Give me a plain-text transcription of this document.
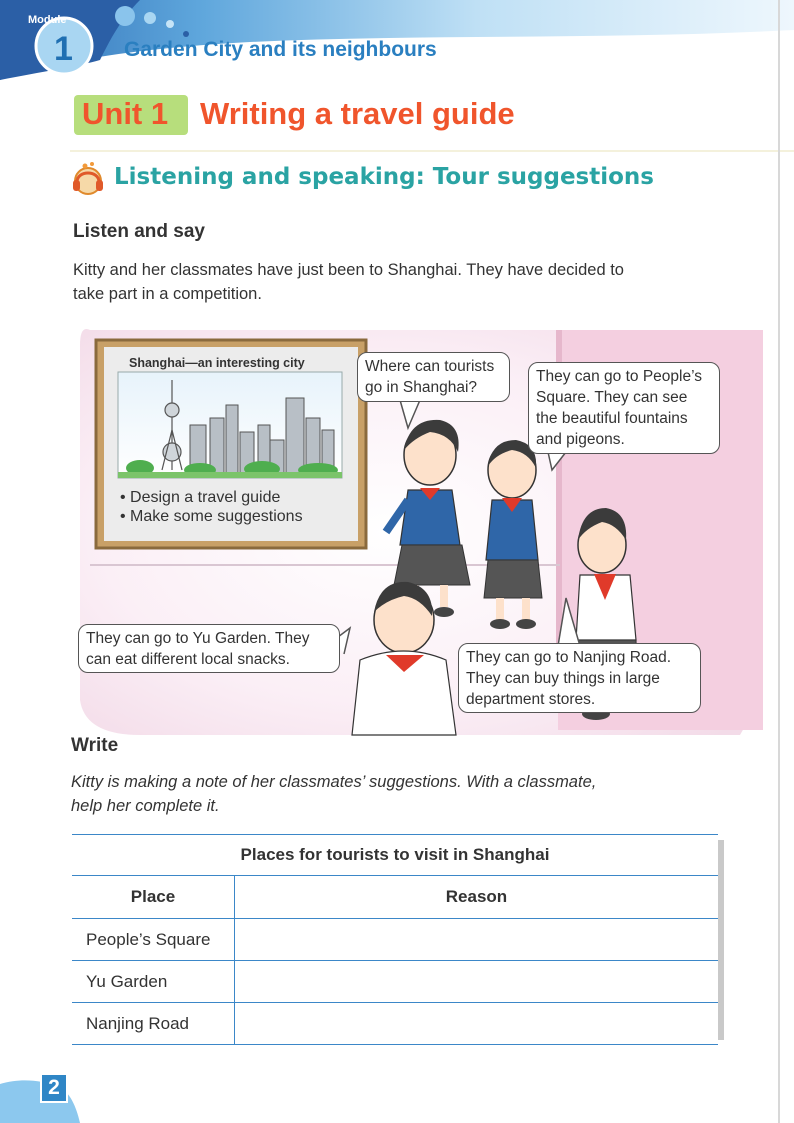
Module
1 Garden City and its neighbours
Unit 1 Writing a travel guide
Listening and speaking: Tour suggestions
Listen and say
Kitty and her classmates have just been to Shanghai. They have decided to
take part in a competition.
Shanghai—an interesting city
• Design a travel guide
• Make some suggestions
Where can tourists
go in Shanghai?
They can go to People’s
Square. They can see
the beautiful fountains
and pigeons.
They can go to Yu Garden. They
can eat different local snacks.	They can go to Nanjing Road.
They can buy things in large
department stores.
Write
Kitty is making a note of her classmates’ suggestions. With a classmate,
help her complete it.
Places for tourists to visit in Shanghai	
Place	Reason
People’s Square	
Yu Garden	
Nanjing Road	
2
